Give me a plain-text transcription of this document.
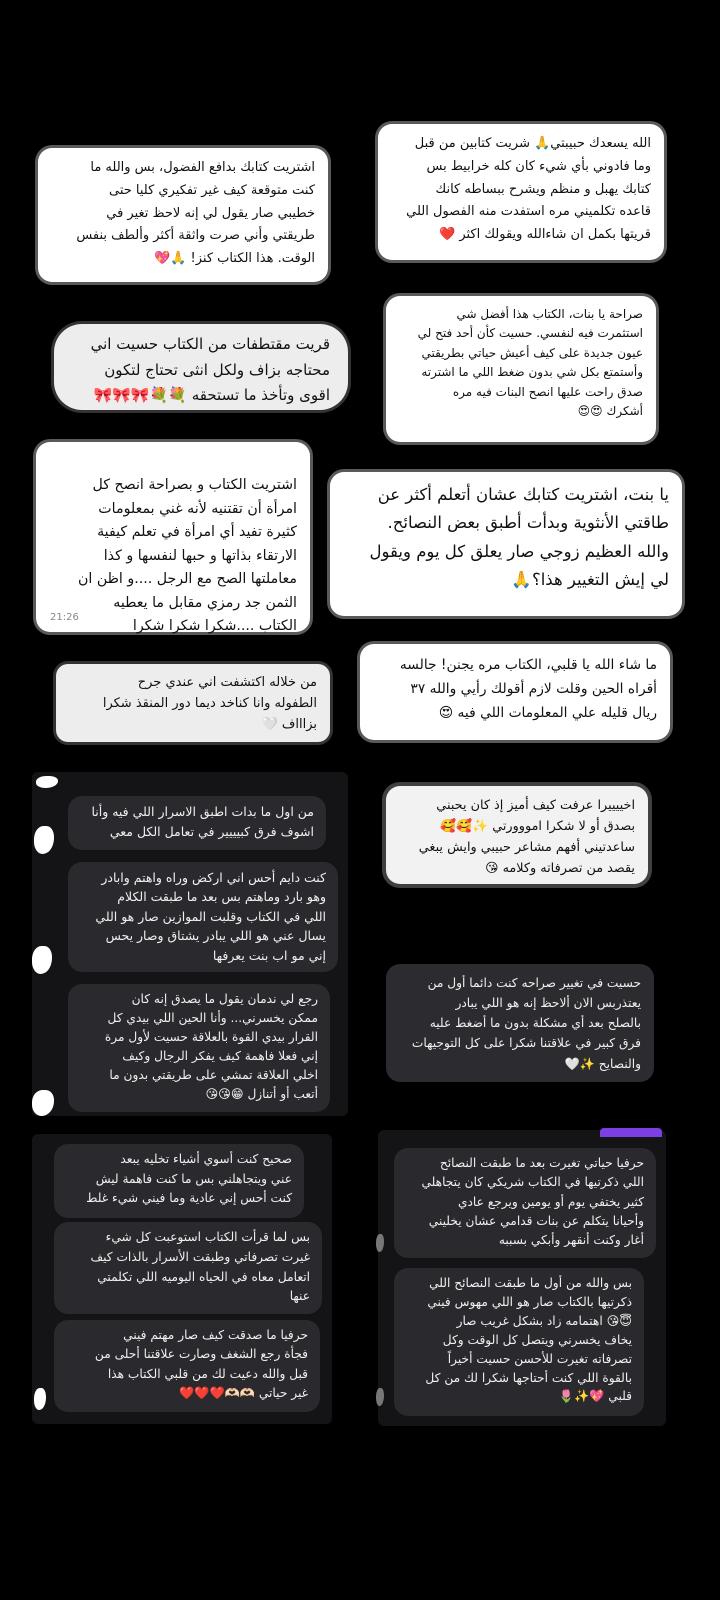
الله يسعدك حبيبتي🙏 شريت كتابين من قبل
وما فادوني بأي شيء كان كله خرابيط بس
كتابك يهبل و منظم ويشرح ببساطه كانك
قاعده تكلميني مره استفدت منه الفصول اللي
قريتها بكمل ان شاءالله ويقولك اكثر ❤️
اشتريت كتابك بدافع الفضول، بس والله ما
كنت متوقعة كيف غير تفكيري كليا حتى
خطيبي صار يقول لي إنه لاحظ تغير في
طريقتي وأني صرت واثقة أكثر وألطف بنفس
الوقت. هذا الكتاب كنز! 🙏💖
صراحة يا بنات، الكتاب هذا أفضل شي
استثمرت فيه لنفسي. حسيت كأن أحد فتح لي
عيون جديدة على كيف أعيش حياتي بطريقتي
وأستمتع بكل شي بدون ضغط اللي ما اشترته
صدق راحت عليها انصح البنات فيه مره
أشكرك 😍😍
قريت مقتطفات من الكتاب حسيت اني
محتاجه بزاف ولكل انثى تحتاج لتكون
اقوى وتأخذ ما تستحقه 💐💐🎀🎀🎀

اشتريت الكتاب و بصراحة انصح كل
امرأة أن تقتنيه لأنه غني بمعلومات
كثيرة تفيد أي امرأة في تعلم كيفية
الارتقاء بذاتها و حبها لنفسها و كذا
معاملتها الصح مع الرجل ....و اظن ان
الثمن جد رمزي مقابل ما يعطيه
الكتاب ....شكرا شكرا شكرا

21:26

يا بنت، اشتريت كتابك عشان أتعلم أكثر عن
طاقتي الأنثوية وبدأت أطبق بعض النصائح.
والله العظيم زوجي صار يعلق كل يوم ويقول
لي إيش التغيير هذا؟🙏
ما شاء الله يا قلبي، الكتاب مره يجنن! جالسه
أقراه الحين وقلت لازم أقولك رأيي والله ٣٧
ريال قليله علي المعلومات اللي فيه 😍
من خلاله اكتشفت اني عندي جرح
الطفوله وانا كناخد ديما دور المنقذ شكرا
بزاااف 🤍
من اول ما بدات اطبق الاسرار اللي فيه وأنا
اشوف فرق كبيييير في تعامل الكل معي
كنت دايم أحس اني اركض وراه واهتم وابادر
وهو بارد وماهتم بس بعد ما طبقت الكلام
اللي في الكتاب وقلبت الموازين صار هو اللي
يسال عني هو اللي يبادر يشتاق وصار يحس
إني مو اب بنت يعرفها
رجع لي ندمان يقول ما يصدق إنه كان
ممكن يخسرني... وأنا الحين اللي بيدي كل
القرار بيدي القوة بالعلاقة حسيت لأول مرة
إني فعلا فاهمة كيف يفكر الرجال وكيف
اخلي العلاقة تمشي على طريقتي بدون ما
أتعب أو أتنازل 😁😘😘
اخييييرا عرفت كيف أميز إذ كان يحبني
بصدق أو لا شكرا امووورتي ✨🥰🥰
ساعدتيني أفهم مشاعر حبيبي وايش يبغي
يقصد من تصرفاته وكلامه 😘
حسيت في تغيير صراحه كنت دائما أول من
يعتذربس الان ألاحظ إنه هو اللي يبادر
بالصلح بعد أي مشكلة بدون ما أضغط عليه
فرق كبير في علاقتنا شكرا على كل التوجيهات
والنصايح ✨🤍
صحيح كنت أسوي أشياء تخليه يبعد
عني ويتجاهلني بس ما كنت فاهمة ليش
كنت أحس إني عادية وما فيني شيء غلط
بس لما قرأت الكتاب استوعبت كل شيء
غيرت تصرفاتي وطبقت الأسرار بالذات كيف
اتعامل معاه في الحياه اليوميه اللي تكلمتي
عنها
حرفيا ما صدقت كيف صار مهتم فيني
فجأة رجع الشغف وصارت علاقتنا أحلى من
قبل والله دعيت لك من قلبي الكتاب هذا
غير حياتي 🫶🏻🫶🏻❤️❤️❤️
حرفيا حياتي تغيرت بعد ما طبقت النصائح
اللي ذكرتيها في الكتاب شريكي كان يتجاهلي
كثير يختفي يوم أو يومين ويرجع عادي
وأحيانا يتكلم عن بنات قدامي عشان يخليني
أغار وكنت أنقهر وأبكي بسببه
بس والله من أول ما طبقت النصائح اللي
ذكرتيها بالكتاب صار هو اللي مهوس فيني
😇😘 اهتمامه زاد بشكل غريب صار
يخاف يخسرني ويتصل كل الوقت وكل
تصرفاته تغيرت للأحسن حسيت أخيراً
بالقوة اللي كنت أحتاجها شكرا لك من كل
قلبي 💖✨🌷
